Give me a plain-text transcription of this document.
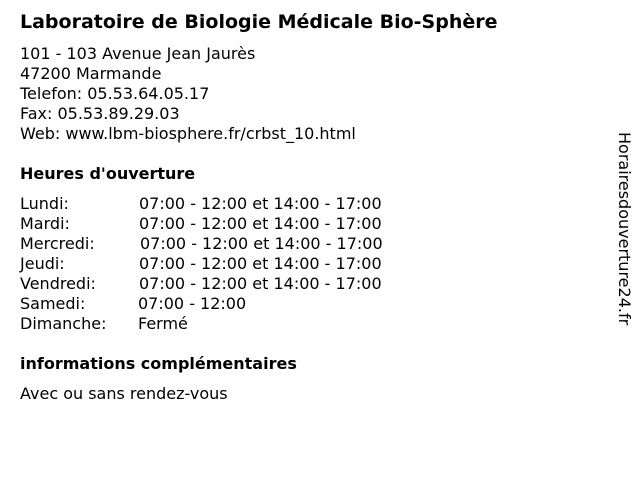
Laboratoire de Biologie Médicale Bio-Sphère
101 - 103 Avenue Jean Jaurès
47200 Marmande
Telefon: 05.53.64.05.17
Fax: 05.53.89.29.03
Web: www.lbm-biosphere.fr/crbst_10.html
Heures d'ouverture
Lundi:	07:00 - 12:00 et 14:00 - 17:00
Mardi:	07:00 - 12:00 et 14:00 - 17:00
Mercredi:	07:00 - 12:00 et 14:00 - 17:00
Jeudi:	07:00 - 12:00 et 14:00 - 17:00
Vendredi:	07:00 - 12:00 et 14:00 - 17:00
Samedi:	07:00 - 12:00
Dimanche: Fermé
informations complémentaires
Avec ou sans rendez-vous
Horairesdouverture24.fr
